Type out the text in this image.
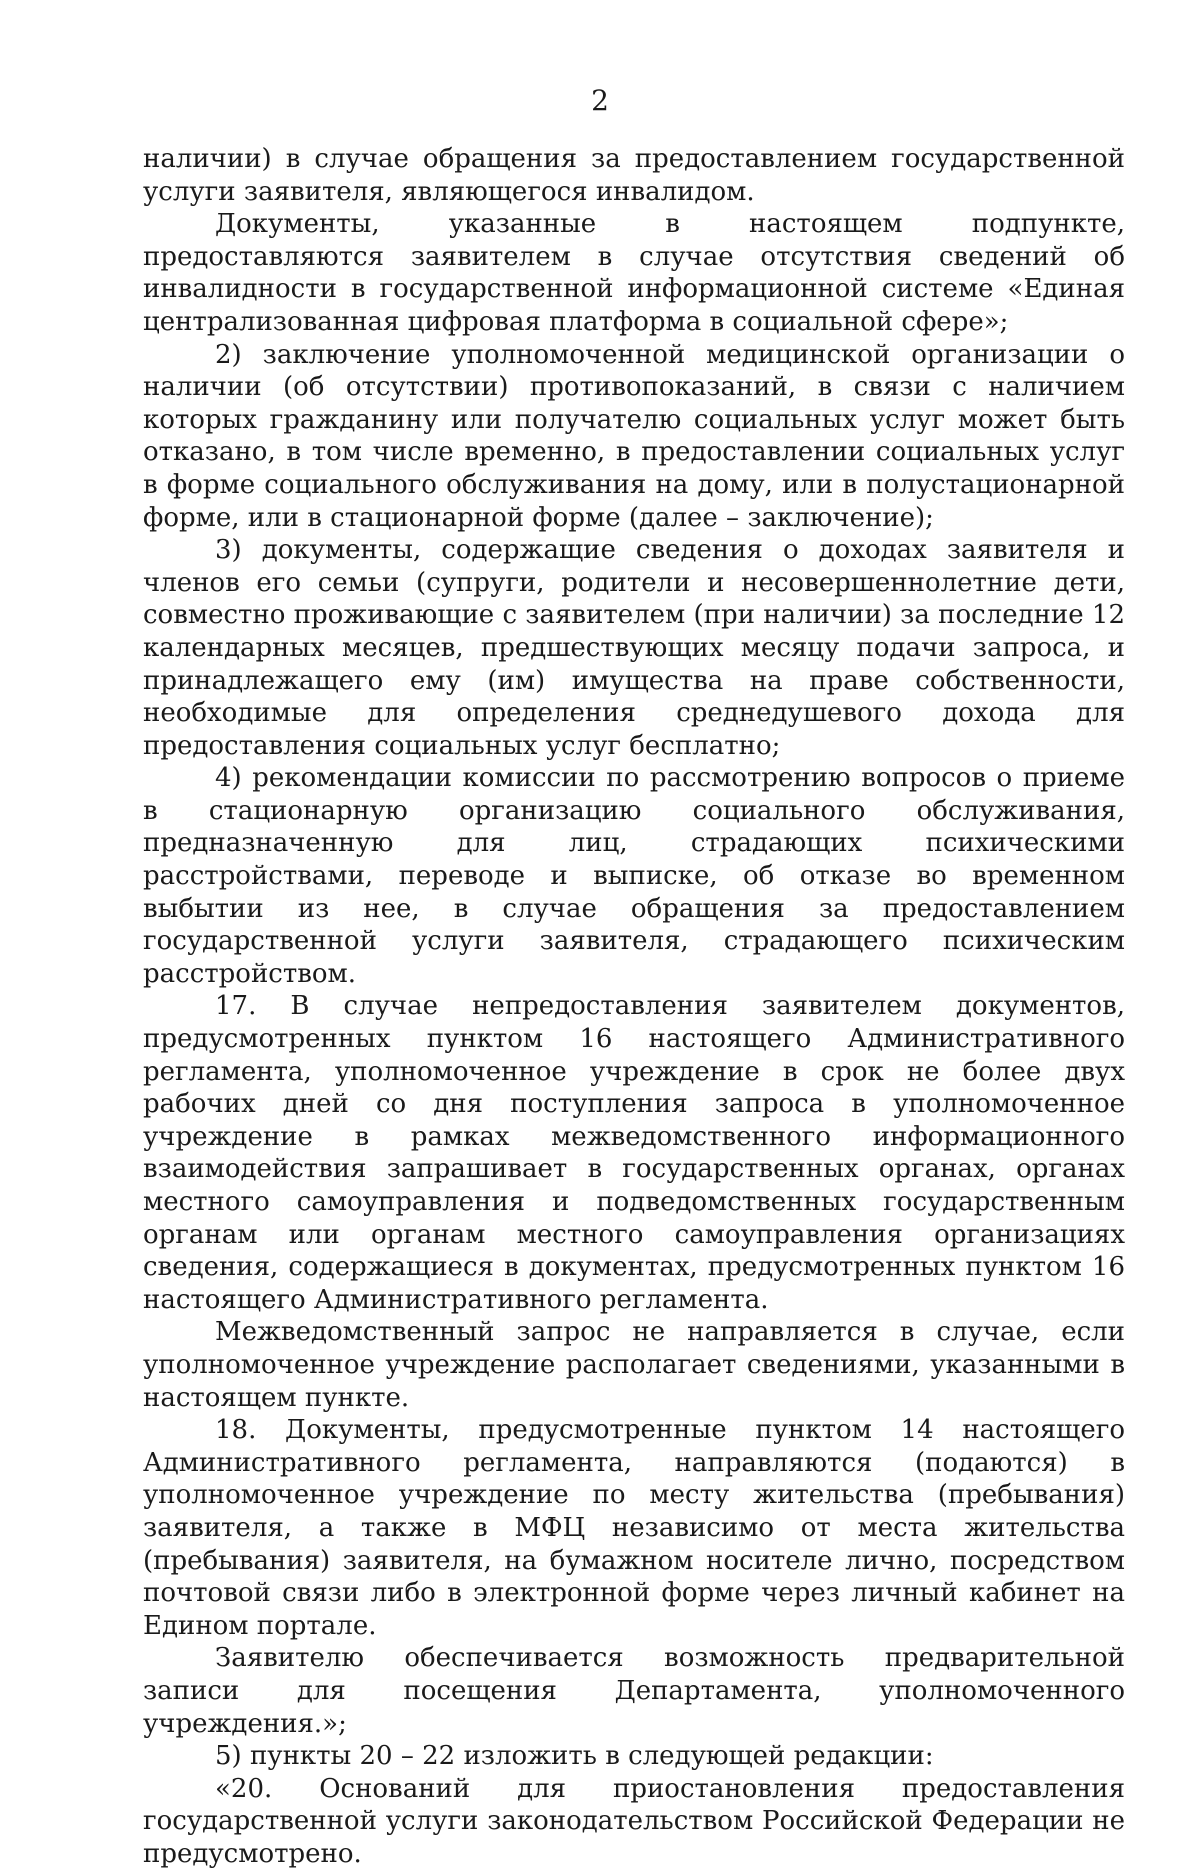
2

наличии) в случае обращения за предоставлением государственной услуги заявителя, являющегося инвалидом.

Документы, указанные в настоящем подпункте, предоставляются заявителем в случае отсутствия сведений об инвалидности в государственной информационной системе «Единая централизованная цифровая платформа в социальной сфере»;

2) заключение уполномоченной медицинской организации о наличии (об отсутствии) противопоказаний, в связи с наличием которых гражданину или получателю социальных услуг может быть отказано, в том числе временно, в предоставлении социальных услуг в форме социального обслуживания на дому, или в полустационарной форме, или в стационарной форме (далее – заключение);

3) документы, содержащие сведения о доходах заявителя и членов его семьи (супруги, родители и несовершеннолетние дети, совместно проживающие с заявителем (при наличии) за последние 12 календарных месяцев, предшествующих месяцу подачи запроса, и принадлежащего ему (им) имущества на праве собственности, необходимые для определения среднедушевого дохода для предоставления социальных услуг бесплатно;

4) рекомендации комиссии по рассмотрению вопросов о приеме в стационарную организацию социального обслуживания, предназначенную для лиц, страдающих психическими расстройствами, переводе и выписке, об отказе во временном выбытии из нее, в случае обращения за предоставлением государственной услуги заявителя, страдающего психическим расстройством.

17. В случае непредоставления заявителем документов, предусмотренных пунктом 16 настоящего Административного регламента, уполномоченное учреждение в срок не более двух рабочих дней со дня поступления запроса в уполномоченное учреждение в рамках межведомственного информационного взаимодействия запрашивает в государственных органах, органах местного самоуправления и подведомственных государственным органам или органам местного самоуправления организациях сведения, содержащиеся в документах, предусмотренных пунктом 16 настоящего Административного регламента.

Межведомственный запрос не направляется в случае, если уполномоченное учреждение располагает сведениями, указанными в настоящем пункте.

18. Документы, предусмотренные пунктом 14 настоящего Административного регламента, направляются (подаются) в уполномоченное учреждение по месту жительства (пребывания) заявителя, а также в МФЦ независимо от места жительства (пребывания) заявителя, на бумажном носителе лично, посредством почтовой связи либо в электронной форме через личный кабинет на Едином портале.

Заявителю обеспечивается возможность предварительной записи для посещения Департамента, уполномоченного учреждения.»;

5) пункты 20 – 22 изложить в следующей редакции:

«20. Оснований для приостановления предоставления государственной услуги законодательством Российской Федерации не предусмотрено.
